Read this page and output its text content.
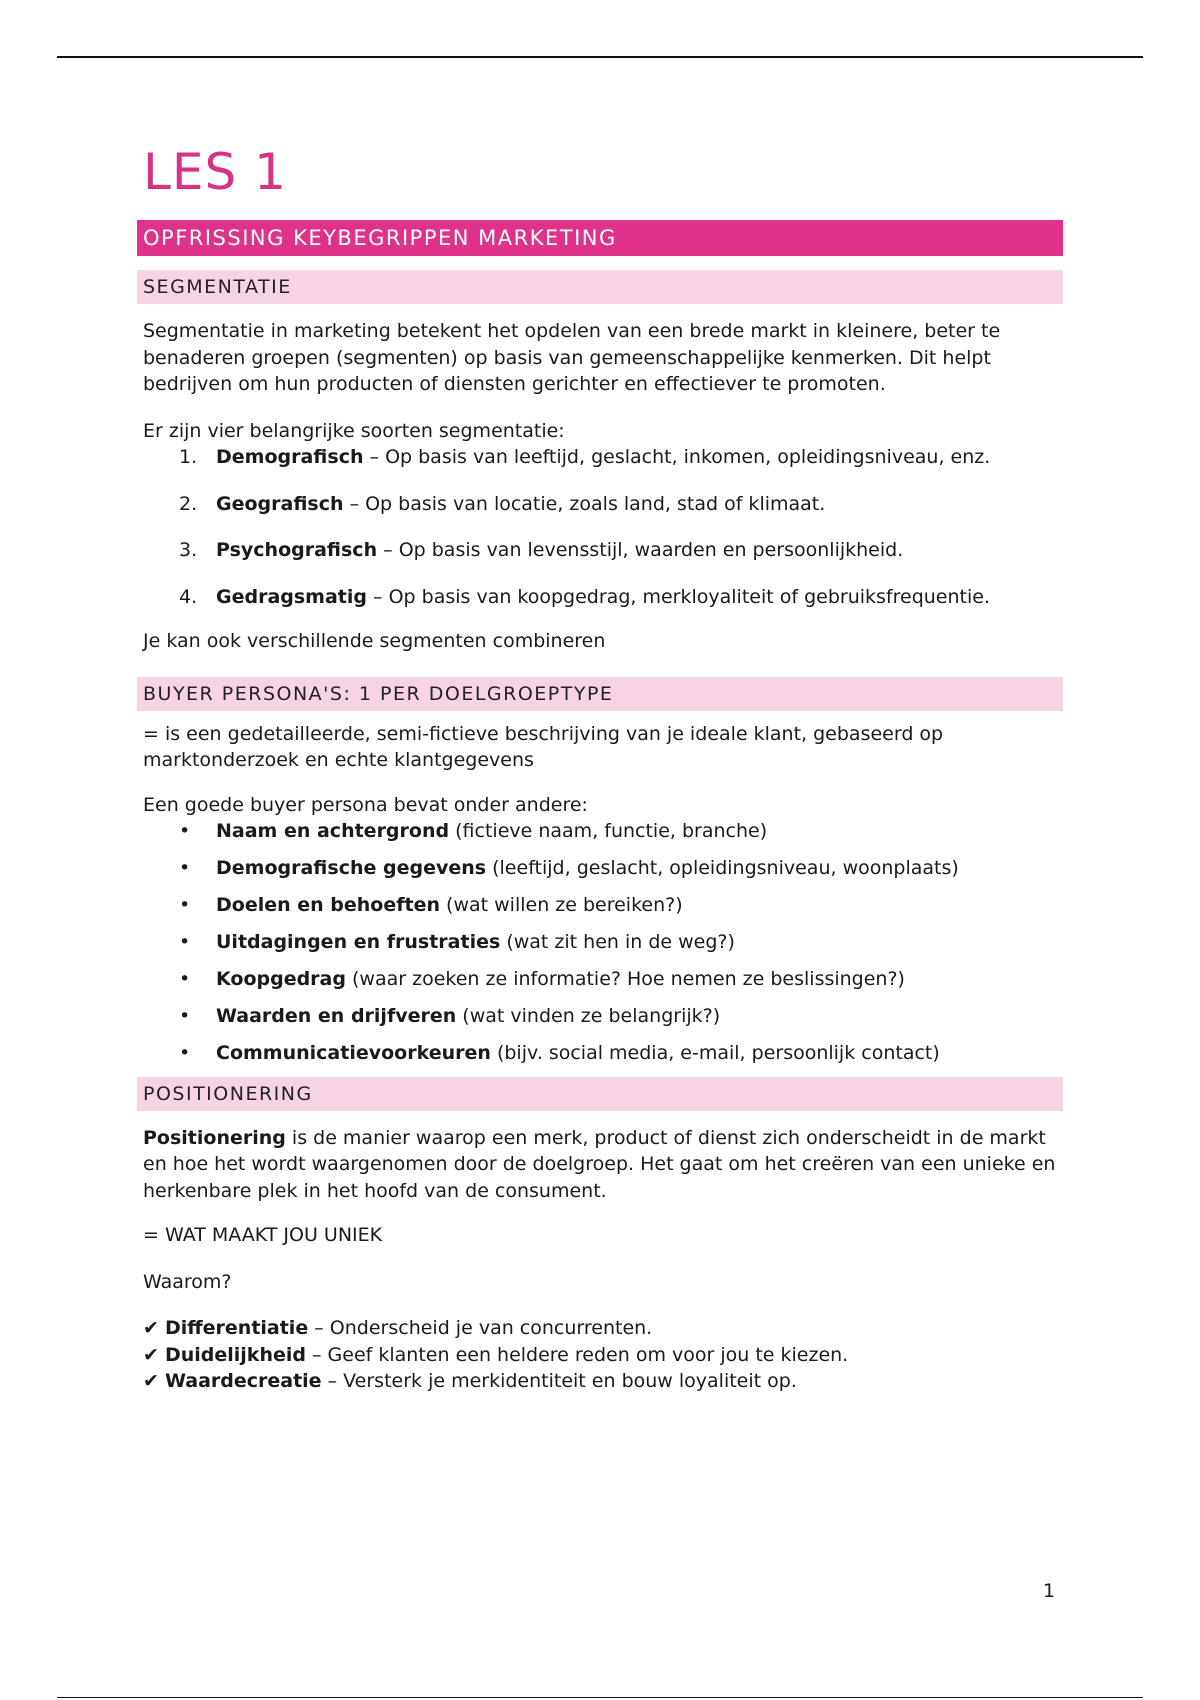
LES 1
OPFRISSING KEYBEGRIPPEN MARKETING
SEGMENTATIE

Segmentatie in marketing betekent het opdelen van een brede markt in kleinere, beter te benaderen groepen (segmenten) op basis van gemeenschappelijke kenmerken. Dit helpt bedrijven om hun producten of diensten gerichter en effectiever te promoten.

Er zijn vier belangrijke soorten segmentatie:

1. Demografisch – Op basis van leeftijd, geslacht, inkomen, opleidingsniveau, enz.
2. Geografisch – Op basis van locatie, zoals land, stad of klimaat.
3. Psychografisch – Op basis van levensstijl, waarden en persoonlijkheid.
4. Gedragsmatig – Op basis van koopgedrag, merkloyaliteit of gebruiksfrequentie.

Je kan ook verschillende segmenten combineren

BUYER PERSONA'S: 1 PER DOELGROEPTYPE

= is een gedetailleerde, semi-fictieve beschrijving van je ideale klant, gebaseerd op marktonderzoek en echte klantgegevens

Een goede buyer persona bevat onder andere:

• Naam en achtergrond (fictieve naam, functie, branche)
• Demografische gegevens (leeftijd, geslacht, opleidingsniveau, woonplaats)
• Doelen en behoeften (wat willen ze bereiken?)
• Uitdagingen en frustraties (wat zit hen in de weg?)
• Koopgedrag (waar zoeken ze informatie? Hoe nemen ze beslissingen?)
• Waarden en drijfveren (wat vinden ze belangrijk?)
• Communicatievoorkeuren (bijv. social media, e-mail, persoonlijk contact)
POSITIONERING

Positionering is de manier waarop een merk, product of dienst zich onderscheidt in de markt en hoe het wordt waargenomen door de doelgroep. Het gaat om het creëren van een unieke en herkenbare plek in het hoofd van de consument.

= WAT MAAKT JOU UNIEK

Waarom?

✔ Differentiatie – Onderscheid je van concurrenten.

✔ Duidelijkheid – Geef klanten een heldere reden om voor jou te kiezen.

✔ Waardecreatie – Versterk je merkidentiteit en bouw loyaliteit op.

1
